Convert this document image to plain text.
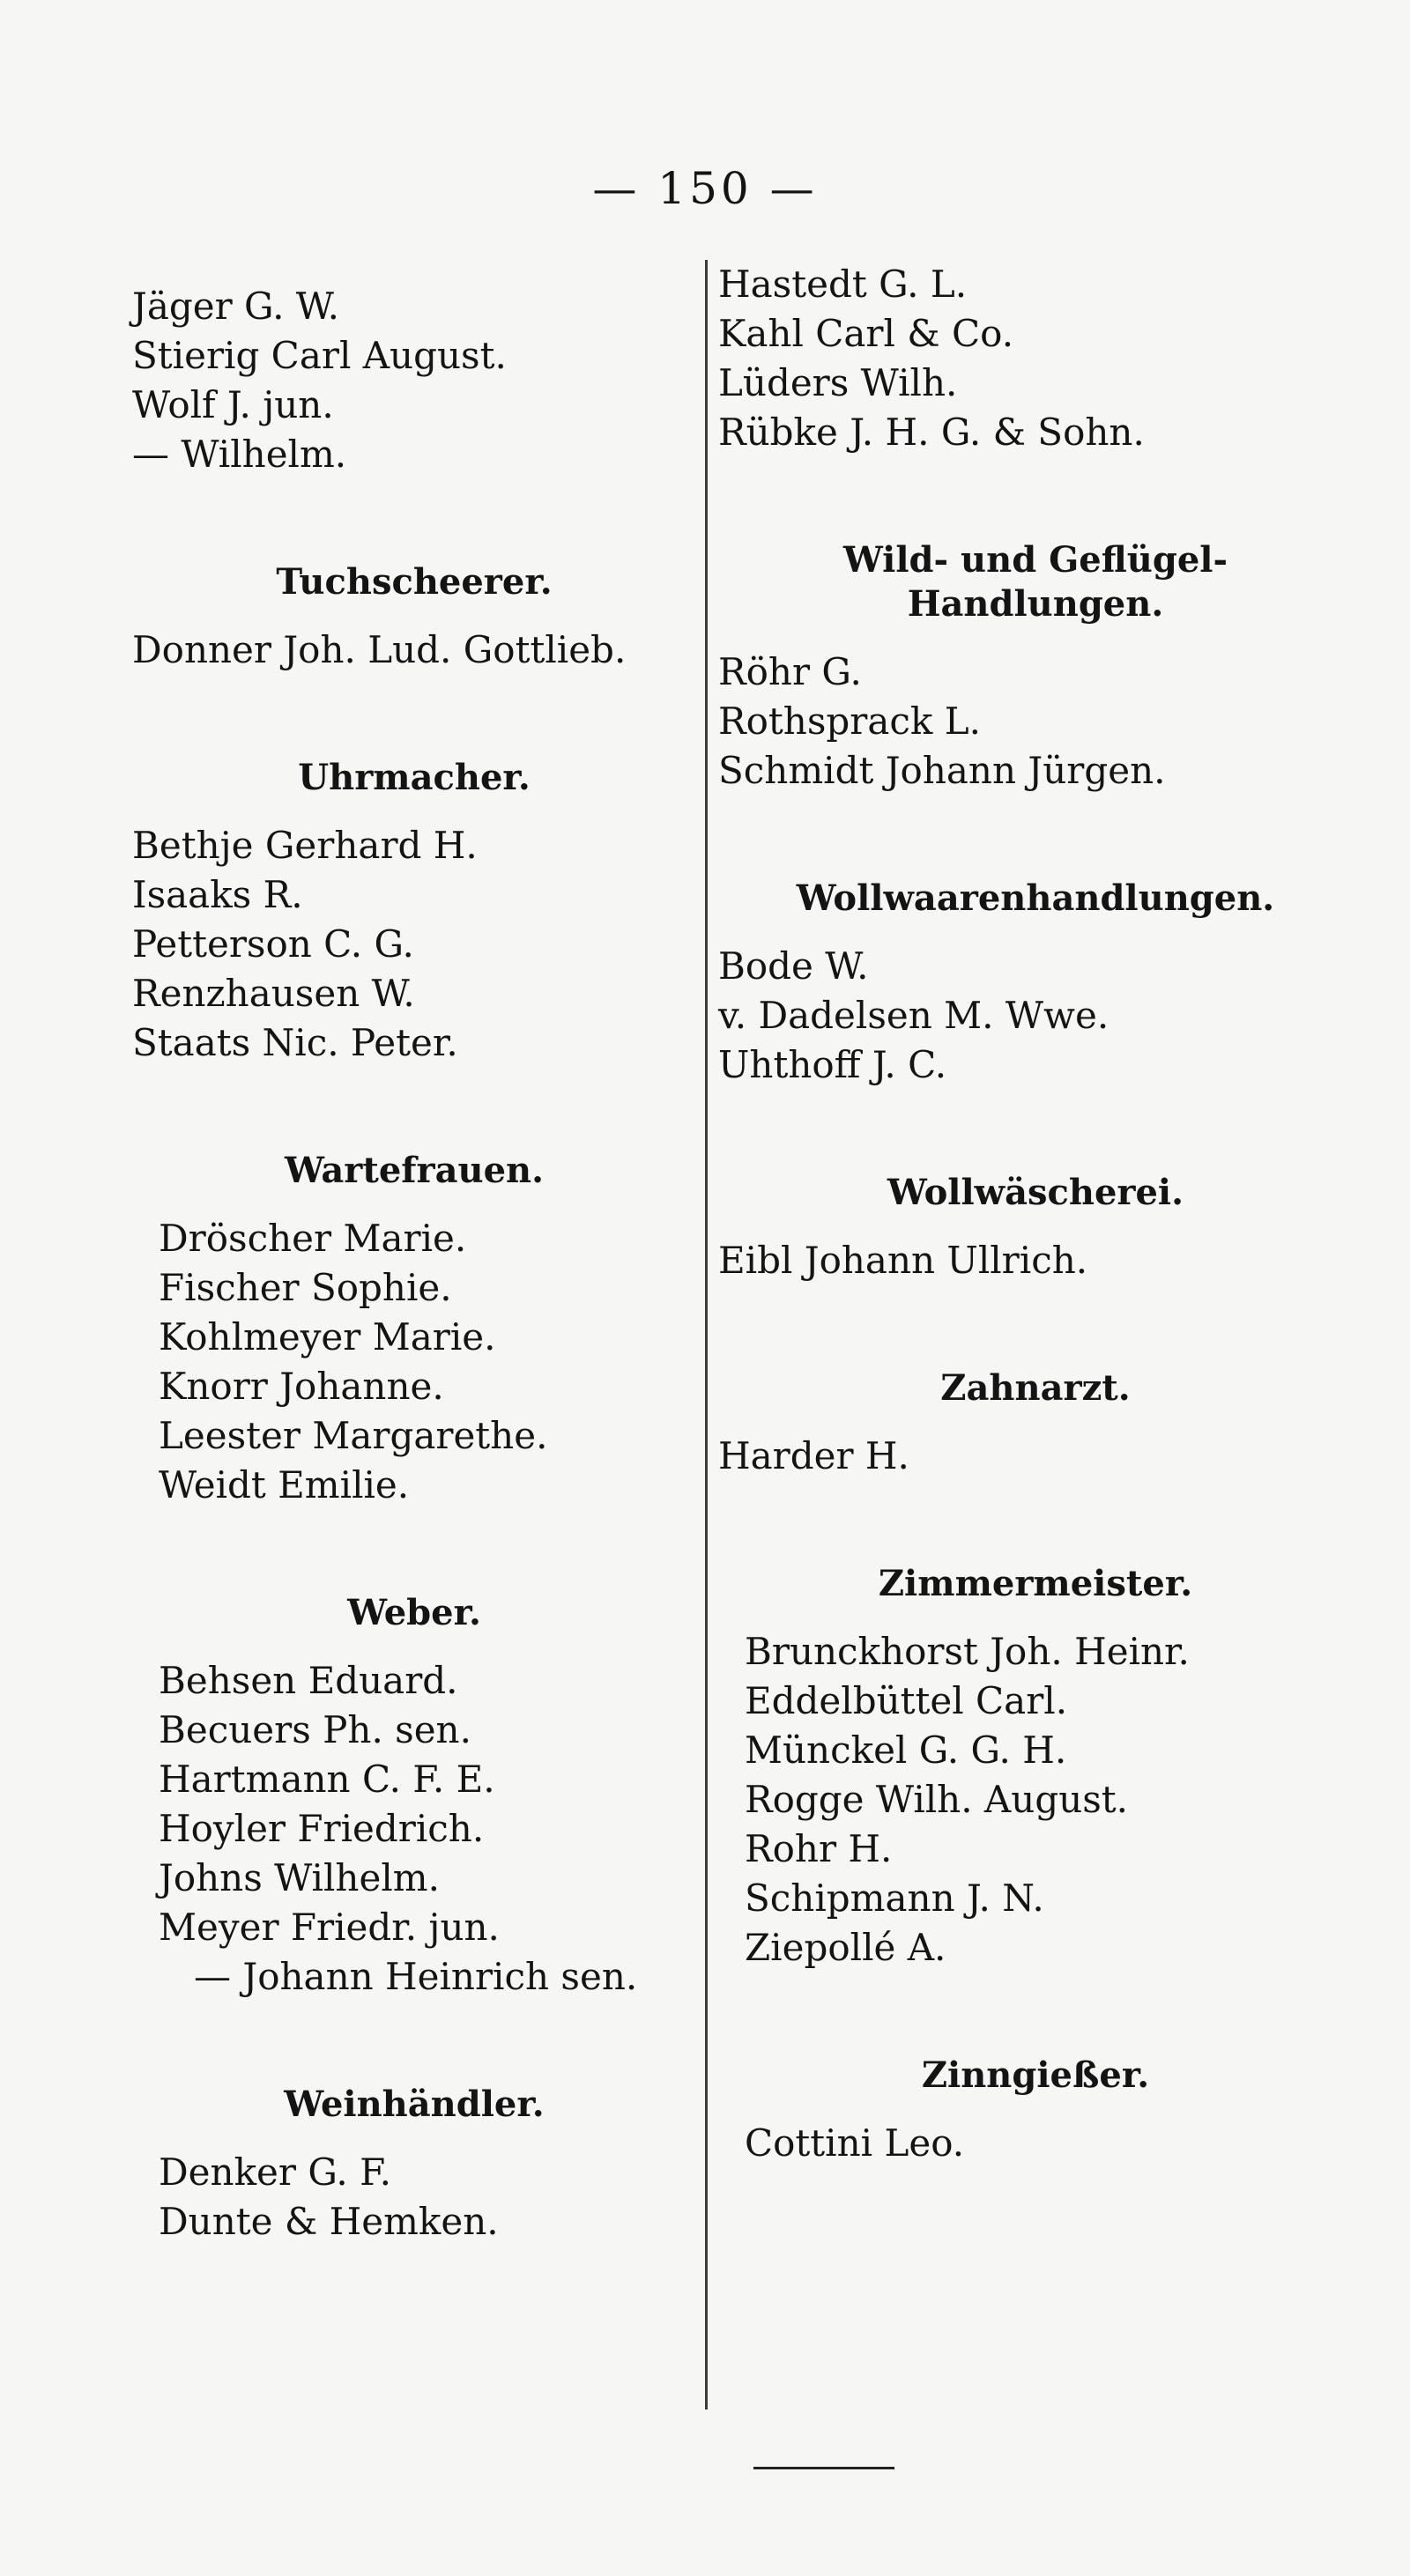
— 150 —
Jäger G. W.
Stierig Carl August.
Wolf J. jun.
— Wilhelm.
Tuchscheerer.
Donner Joh. Lud. Gottlieb.
Uhrmacher.
Bethje Gerhard H.
Isaaks R.
Petterson C. G.
Renzhausen W.
Staats Nic. Peter.
Wartefrauen.
Dröscher Marie.
Fischer Sophie.
Kohlmeyer Marie.
Knorr Johanne.
Leester Margarethe.
Weidt Emilie.
Weber.
Behsen Eduard.
Becuers Ph. sen.
Hartmann C. F. E.
Hoyler Friedrich.
Johns Wilhelm.
Meyer Friedr. jun.
— Johann Heinrich sen.
Weinhändler.
Denker G. F.
Dunte & Hemken.
Hastedt G. L.
Kahl Carl & Co.
Lüders Wilh.
Rübke J. H. G. & Sohn.
Wild- und Geflügel-Handlungen.
Röhr G.
Rothsprack L.
Schmidt Johann Jürgen.
Wollwaarenhandlungen.
Bode W.
v. Dadelsen M. Wwe.
Uhthoff J. C.
Wollwäscherei.
Eibl Johann Ullrich.
Zahnarzt.
Harder H.
Zimmermeister.
Brunckhorst Joh. Heinr.
Eddelbüttel Carl.
Münckel G. G. H.
Rogge Wilh. August.
Rohr H.
Schipmann J. N.
Ziepollé A.
Zinngießer.
Cottini Leo.
